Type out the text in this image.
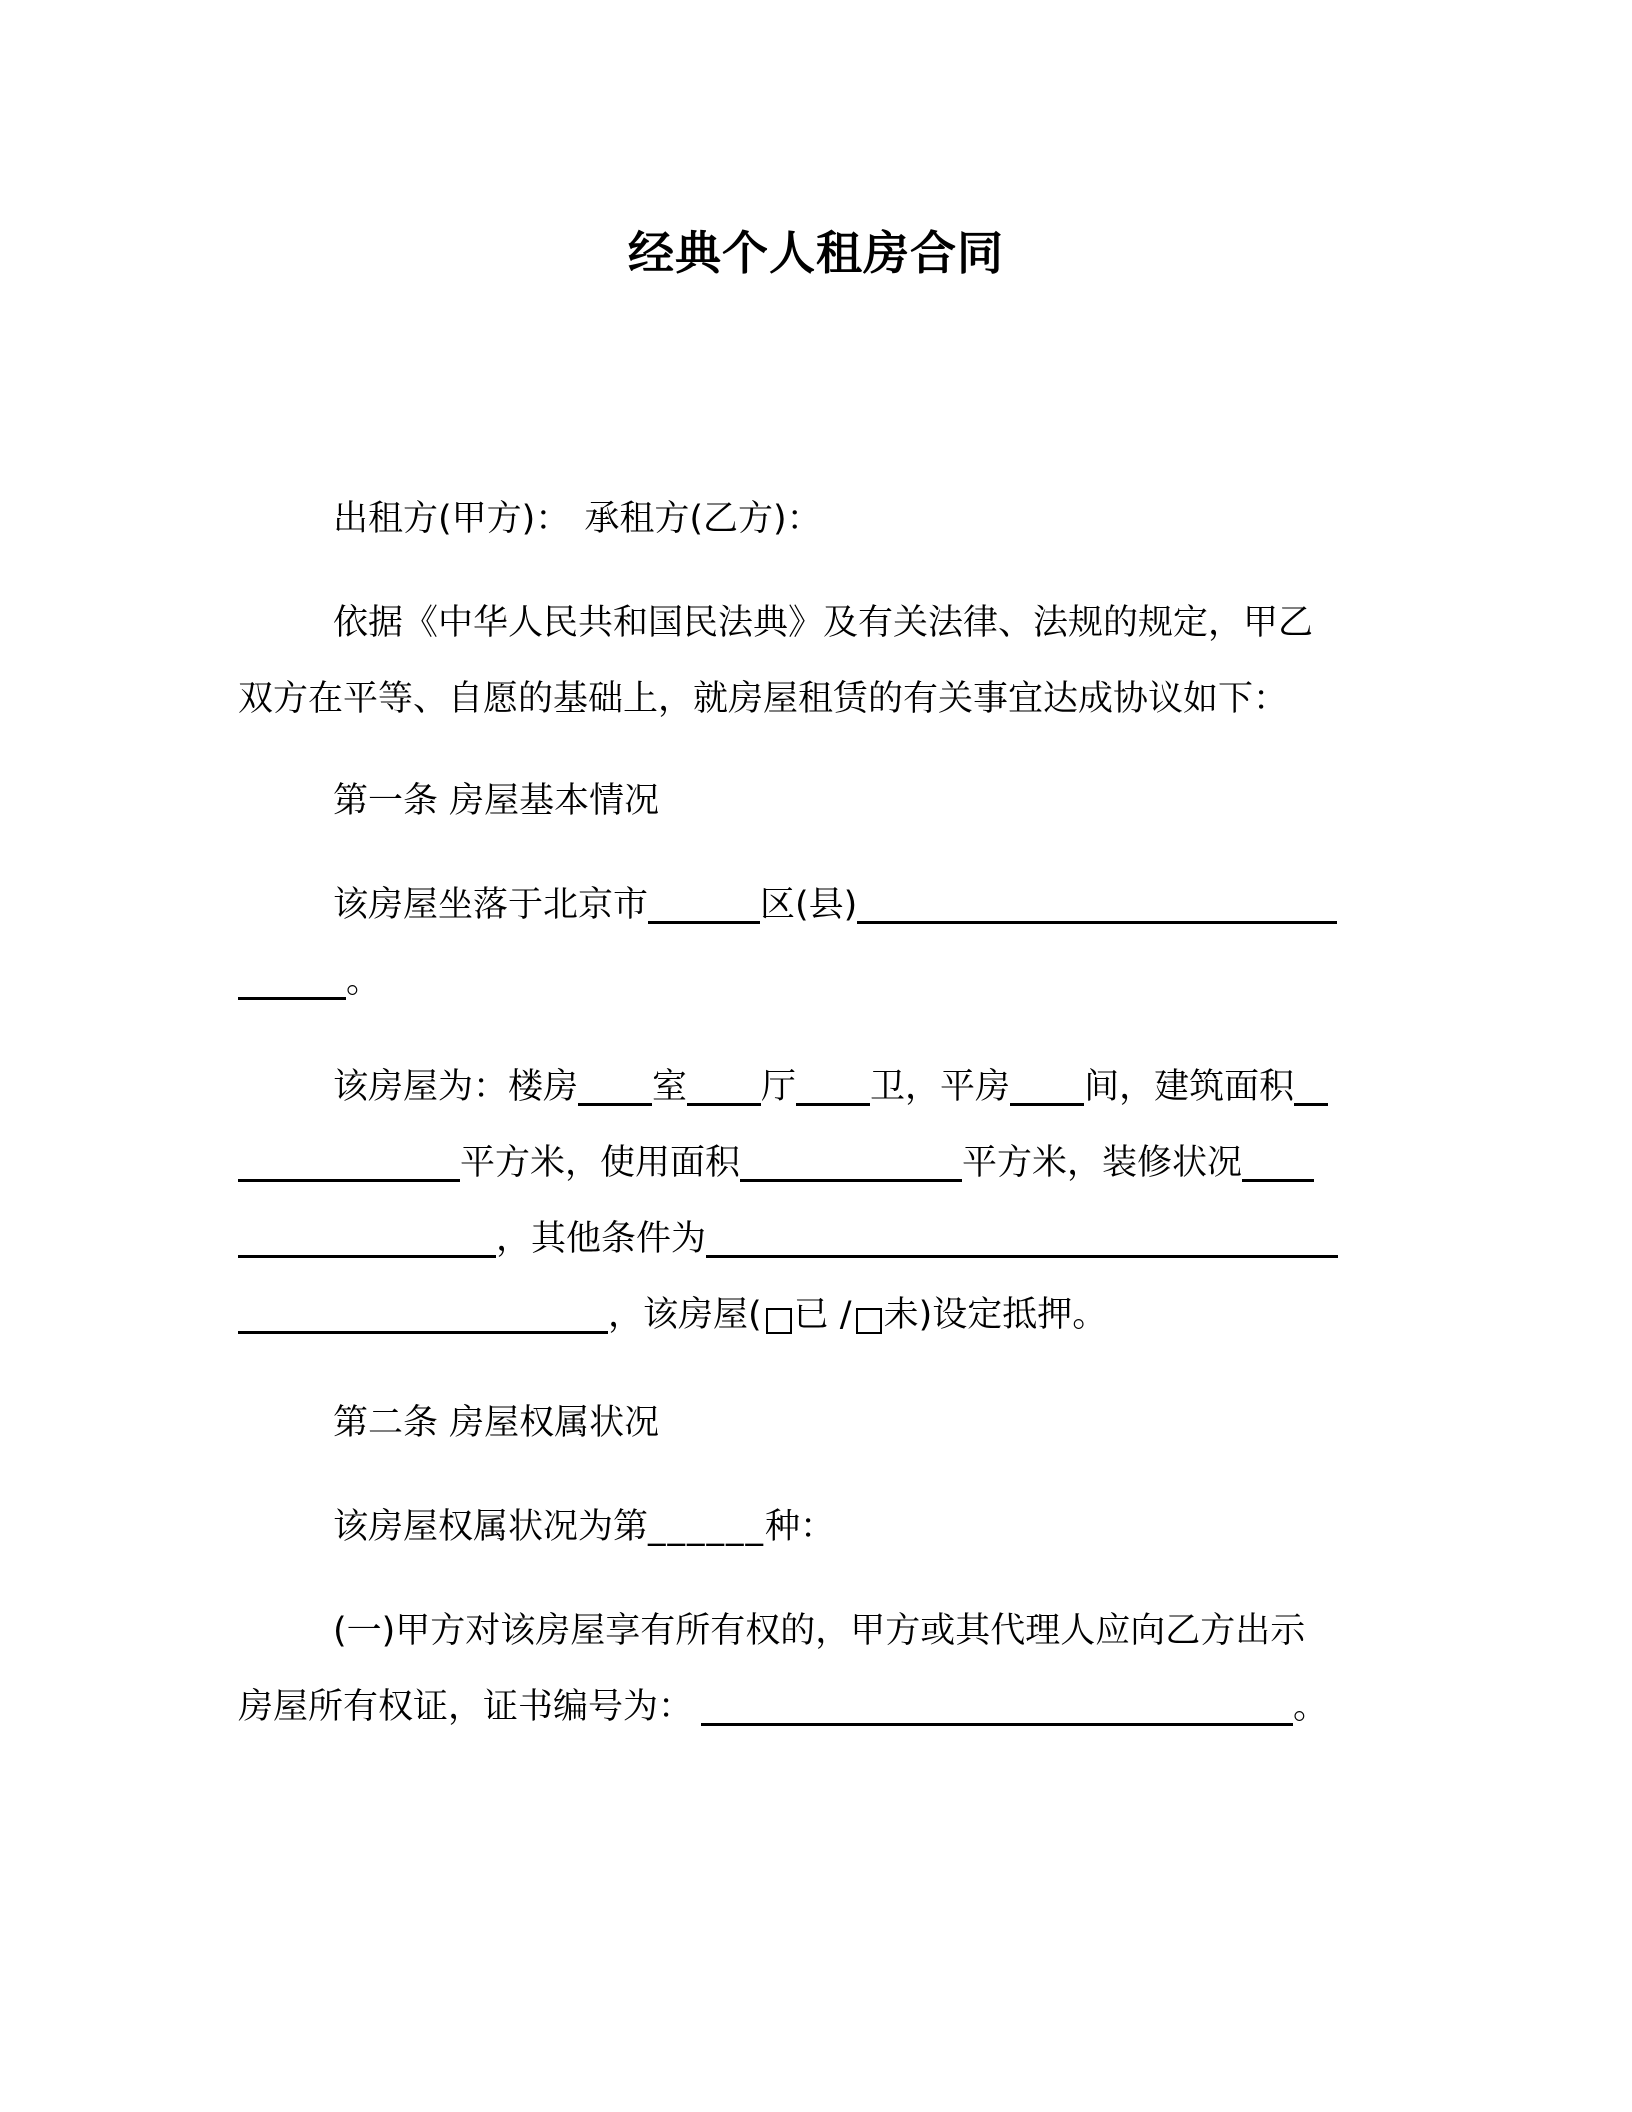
经典个人租房合同
出租方(甲方)： 承租方(乙方)：
依据《中华人民共和国民法典》及有关法律、法规的规定，甲乙
双方在平等、自愿的基础上，就房屋租赁的有关事宜达成协议如下：
第一条 房屋基本情况
该房屋坐落于北京市	区(县)
。
该房屋为：楼房 室 厅 卫，平房 间，建筑面积
平方米，使用面积	平方米，装修状况
，其他条件为
，该房屋( 已 / 未)设定抵押。
第二条 房屋权属状况
该房屋权属状况为第 ______ 种：
(一)甲方对该房屋享有所有权的，甲方或其代理人应向乙方出示
房屋所有权证，证书编号为：	。
